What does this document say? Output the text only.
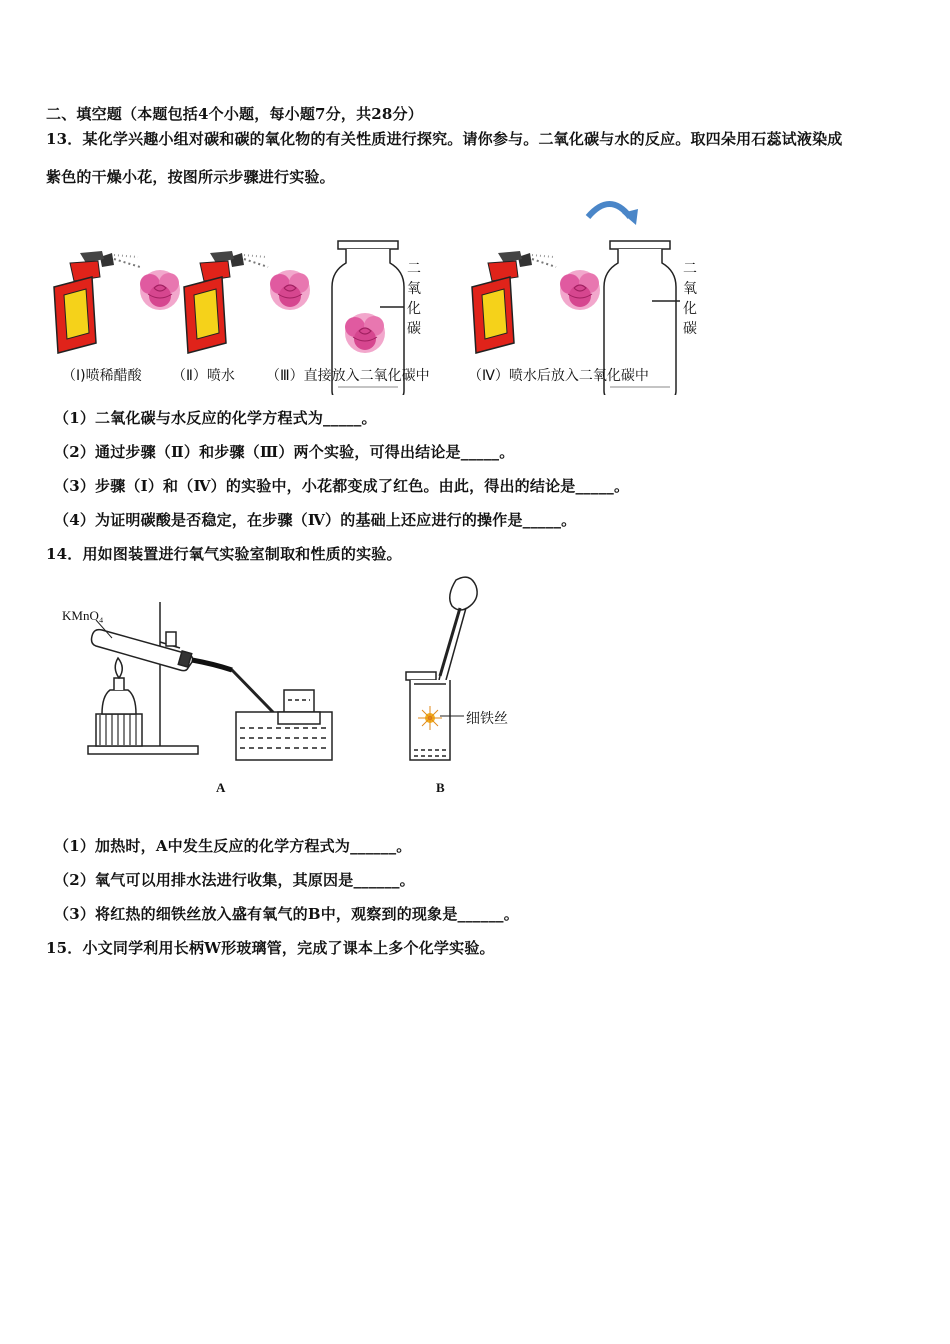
二、填空题（本题包括4个小题，每小题7分，共28分）
13．某化学兴趣小组对碳和碳的氧化物的有关性质进行探究。请你参与。二氧化碳与水的反应。取四朵用石蕊试液染成
紫色的干燥小花，按图所示步骤进行实验。
二
氧
化
碳
二
氧
化
碳
（Ⅰ)喷稀醋酸 （Ⅱ）喷水 （Ⅲ）直接放入二氧化碳中	（Ⅳ）喷水后放入二氧化碳中
（1）二氧化碳与水反应的化学方程式为_____。
（2）通过步骤（Ⅱ）和步骤（Ⅲ）两个实验，可得出结论是_____。
（3）步骤（Ⅰ）和（Ⅳ）的实验中，小花都变成了红色。由此，得出的结论是_____。
（4）为证明碳酸是否稳定，在步骤（Ⅳ）的基础上还应进行的操作是_____。
14．用如图装置进行氧气实验室制取和性质的实验。
KMnO₄
细铁丝
A	B
（1）加热时，A中发生反应的化学方程式为______。
（2）氧气可以用排水法进行收集，其原因是______。
（3）将红热的细铁丝放入盛有氧气的B中，观察到的现象是______。
15．小文同学利用长柄W形玻璃管，完成了课本上多个化学实验。
